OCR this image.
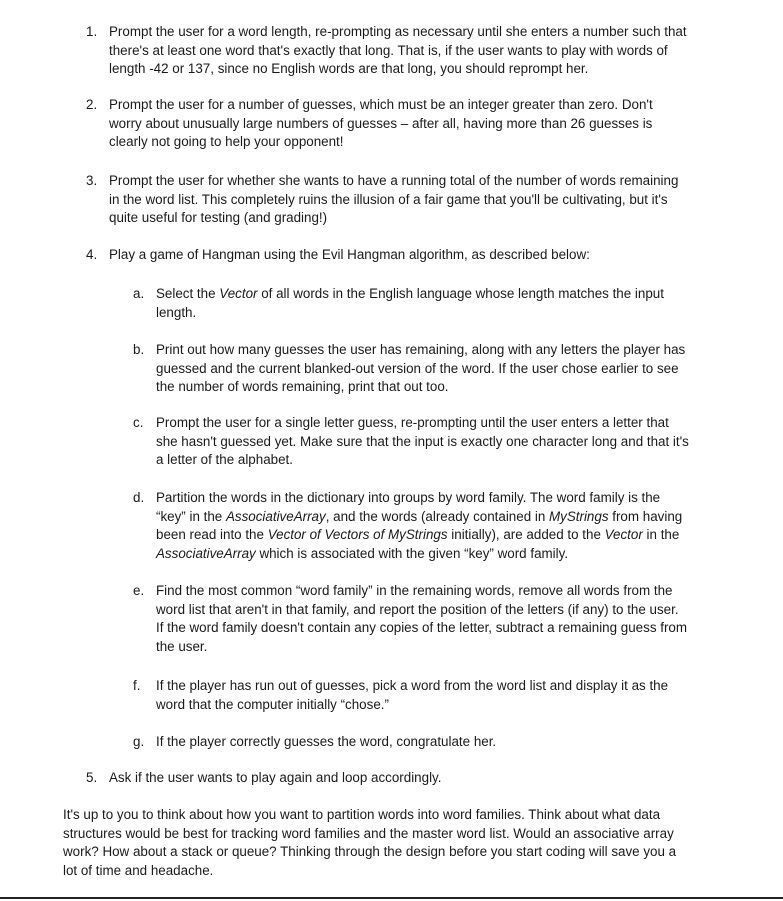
1. Prompt the user for a word length, re-prompting as necessary until she enters a number such that
there's at least one word that's exactly that long. That is, if the user wants to play with words of
length -42 or 137, since no English words are that long, you should reprompt her.
2. Prompt the user for a number of guesses, which must be an integer greater than zero. Don't
worry about unusually large numbers of guesses – after all, having more than 26 guesses is
clearly not going to help your opponent!
3. Prompt the user for whether she wants to have a running total of the number of words remaining
in the word list. This completely ruins the illusion of a fair game that you'll be cultivating, but it's
quite useful for testing (and grading!)
4. Play a game of Hangman using the Evil Hangman algorithm, as described below:
a. Select the Vector of all words in the English language whose length matches the input
length.
b. Print out how many guesses the user has remaining, along with any letters the player has
guessed and the current blanked-out version of the word. If the user chose earlier to see
the number of words remaining, print that out too.
c. Prompt the user for a single letter guess, re-prompting until the user enters a letter that
she hasn't guessed yet. Make sure that the input is exactly one character long and that it's
a letter of the alphabet.
d. Partition the words in the dictionary into groups by word family. The word family is the
“key” in the AssociativeArray, and the words (already contained in MyStrings from having
been read into the Vector of Vectors of MyStrings initially), are added to the Vector in the
AssociativeArray which is associated with the given “key” word family.
e. Find the most common “word family” in the remaining words, remove all words from the
word list that aren't in that family, and report the position of the letters (if any) to the user.
If the word family doesn't contain any copies of the letter, subtract a remaining guess from
the user.
f. If the player has run out of guesses, pick a word from the word list and display it as the
word that the computer initially “chose.”
g. If the player correctly guesses the word, congratulate her.
5. Ask if the user wants to play again and loop accordingly.
It's up to you to think about how you want to partition words into word families. Think about what data
structures would be best for tracking word families and the master word list. Would an associative array
work? How about a stack or queue? Thinking through the design before you start coding will save you a
lot of time and headache.
